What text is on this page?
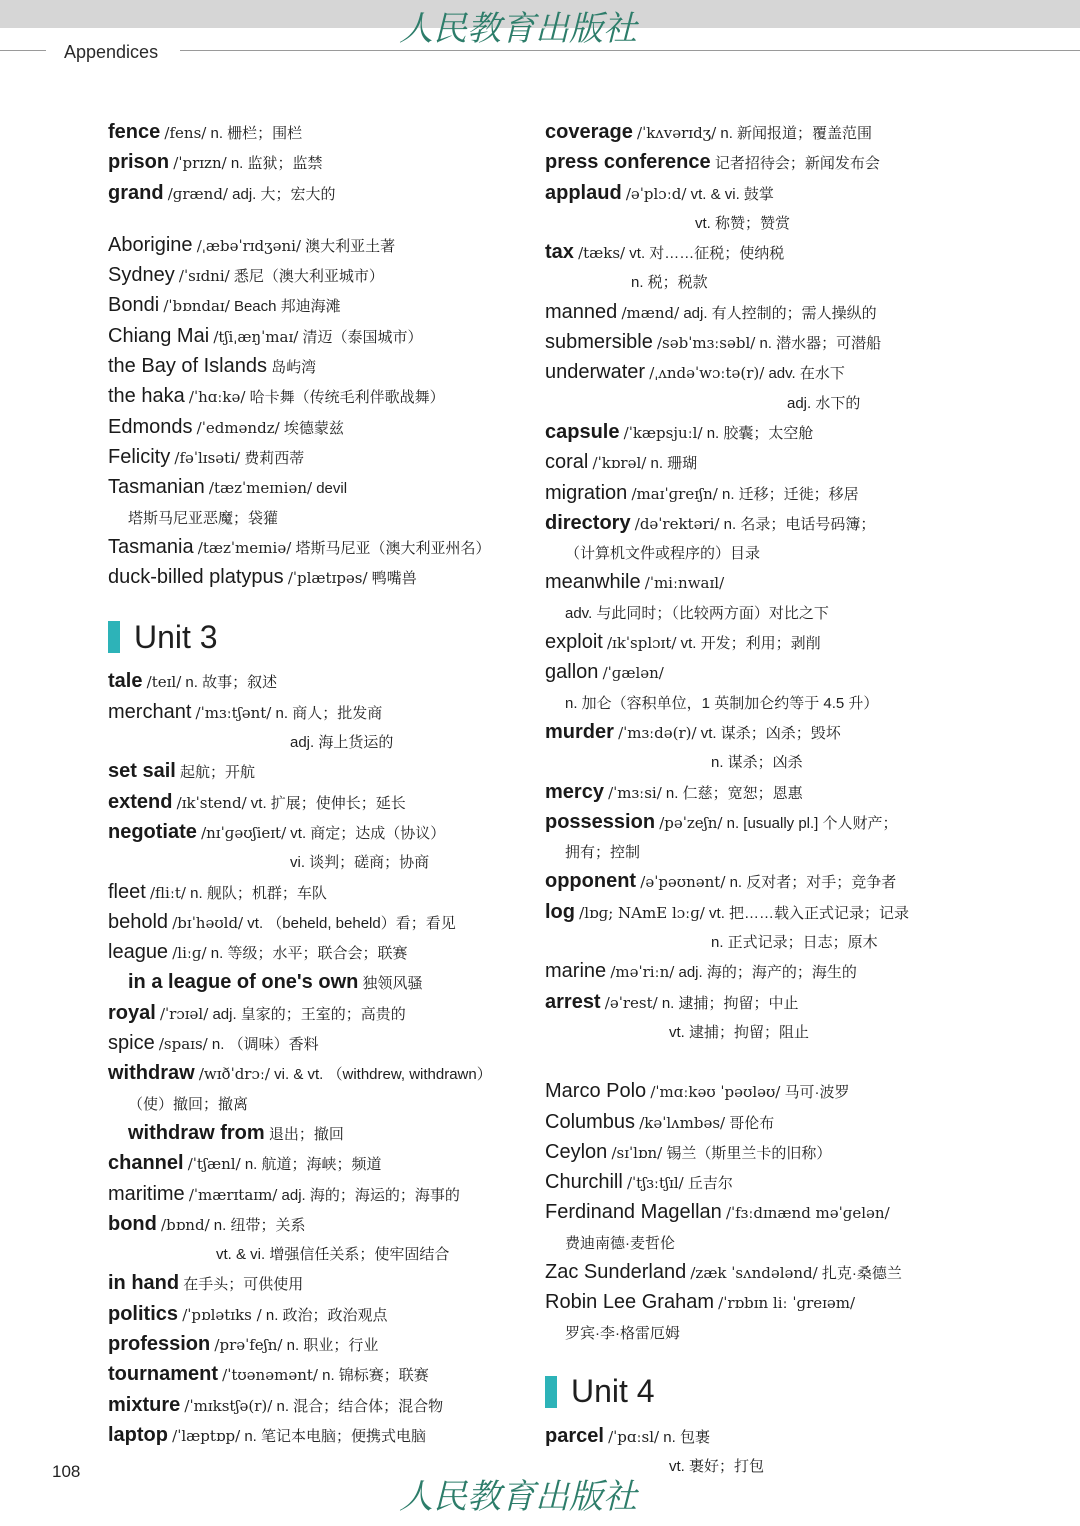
人民教育出版社
Appendices
fence /fens/ n. 栅栏；围栏
prison /ˈprɪzn/ n. 监狱；监禁
grand /ɡrænd/ adj. 大；宏大的
Aborigine /ˌæbəˈrɪdʒəni/ 澳大利亚土著
Sydney /ˈsɪdni/ 悉尼（澳大利亚城市）
Bondi /ˈbɒndaɪ/ Beach 邦迪海滩
Chiang Mai /tʃiˌæŋˈmaɪ/ 清迈（泰国城市）
the Bay of Islands 岛屿湾
the haka /ˈhɑːkə/ 哈卡舞（传统毛利伴歌战舞）
Edmonds /ˈedməndz/ 埃德蒙兹
Felicity /fəˈlɪsəti/ 费莉西蒂
Tasmanian /tæzˈmeɪniən/ devil
塔斯马尼亚恶魔；袋獾
Tasmania /tæzˈmeɪniə/ 塔斯马尼亚（澳大利亚州名）
duck-billed platypus /ˈplætɪpəs/ 鸭嘴兽
Unit 3
tale /teɪl/ n. 故事；叙述
merchant /ˈmɜːtʃənt/ n. 商人；批发商
adj. 海上货运的
set sail 起航；开航
extend /ɪkˈstend/ vt. 扩展；使伸长；延长
negotiate /nɪˈɡəʊʃieɪt/ vt. 商定；达成（协议）
vi. 谈判；磋商；协商
fleet /fliːt/ n. 舰队；机群；车队
behold /bɪˈhəʊld/ vt. （beheld, beheld）看；看见
league /liːɡ/ n. 等级；水平；联合会；联赛
in a league of one's own 独领风骚
royal /ˈrɔɪəl/ adj. 皇家的；王室的；高贵的
spice /spaɪs/ n. （调味）香料
withdraw /wɪðˈdrɔː/ vi. & vt. （withdrew, withdrawn）
（使）撤回；撤离
withdraw from 退出；撤回
channel /ˈtʃænl/ n. 航道；海峡；频道
maritime /ˈmærɪtaɪm/ adj. 海的；海运的；海事的
bond /bɒnd/ n. 纽带；关系
vt. & vi. 增强信任关系；使牢固结合
in hand 在手头；可供使用
politics /ˈpɒlətɪks / n. 政治；政治观点
profession /prəˈfeʃn/ n. 职业；行业
tournament /ˈtʊənəmənt/ n. 锦标赛；联赛
mixture /ˈmɪkstʃə(r)/ n. 混合；结合体；混合物
laptop /ˈlæptɒp/ n. 笔记本电脑；便携式电脑
coverage /ˈkʌvərɪdʒ/ n. 新闻报道；覆盖范围
press conference 记者招待会；新闻发布会
applaud /əˈplɔːd/ vt. & vi. 鼓掌
vt. 称赞；赞赏
tax /tæks/ vt. 对……征税；使纳税
n. 税；税款
manned /mænd/ adj. 有人控制的；需人操纵的
submersible /səbˈmɜːsəbl/ n. 潜水器；可潜船
underwater /ˌʌndəˈwɔːtə(r)/ adv. 在水下
adj. 水下的
capsule /ˈkæpsjuːl/ n. 胶囊；太空舱
coral /ˈkɒrəl/ n. 珊瑚
migration /maɪˈɡreɪʃn/ n. 迁移；迁徙；移居
directory /dəˈrektəri/ n. 名录；电话号码簿；
（计算机文件或程序的）目录
meanwhile /ˈmiːnwaɪl/
adv. 与此同时；（比较两方面）对比之下
exploit /ɪkˈsplɔɪt/ vt. 开发；利用；剥削
gallon /ˈɡælən/
n. 加仑（容积单位，1 英制加仑约等于 4.5 升）
murder /ˈmɜːdə(r)/ vt. 谋杀；凶杀；毁坏
n. 谋杀；凶杀
mercy /ˈmɜːsi/ n. 仁慈；宽恕；恩惠
possession /pəˈzeʃn/ n. [usually pl.] 个人财产；
拥有；控制
opponent /əˈpəʊnənt/ n. 反对者；对手；竞争者
log /lɒɡ; NAmE lɔːɡ/ vt. 把……载入正式记录；记录
n. 正式记录；日志；原木
marine /məˈriːn/ adj. 海的；海产的；海生的
arrest /əˈrest/ n. 逮捕；拘留；中止
vt. 逮捕；拘留；阻止
Marco Polo /ˈmɑːkəʊ ˈpəʊləʊ/ 马可·波罗
Columbus /kəˈlʌmbəs/ 哥伦布
Ceylon /sɪˈlɒn/ 锡兰（斯里兰卡的旧称）
Churchill /ˈtʃɜːtʃɪl/ 丘吉尔
Ferdinand Magellan /ˈfɜːdɪnænd məˈɡelən/
费迪南德·麦哲伦
Zac Sunderland /zæk ˈsʌndələnd/ 扎克·桑德兰
Robin Lee Graham /ˈrɒbɪn liː ˈɡreɪəm/
罗宾·李·格雷厄姆
Unit 4
parcel /ˈpɑːsl/ n. 包裹
vt. 裹好；打包
108
人民教育出版社
